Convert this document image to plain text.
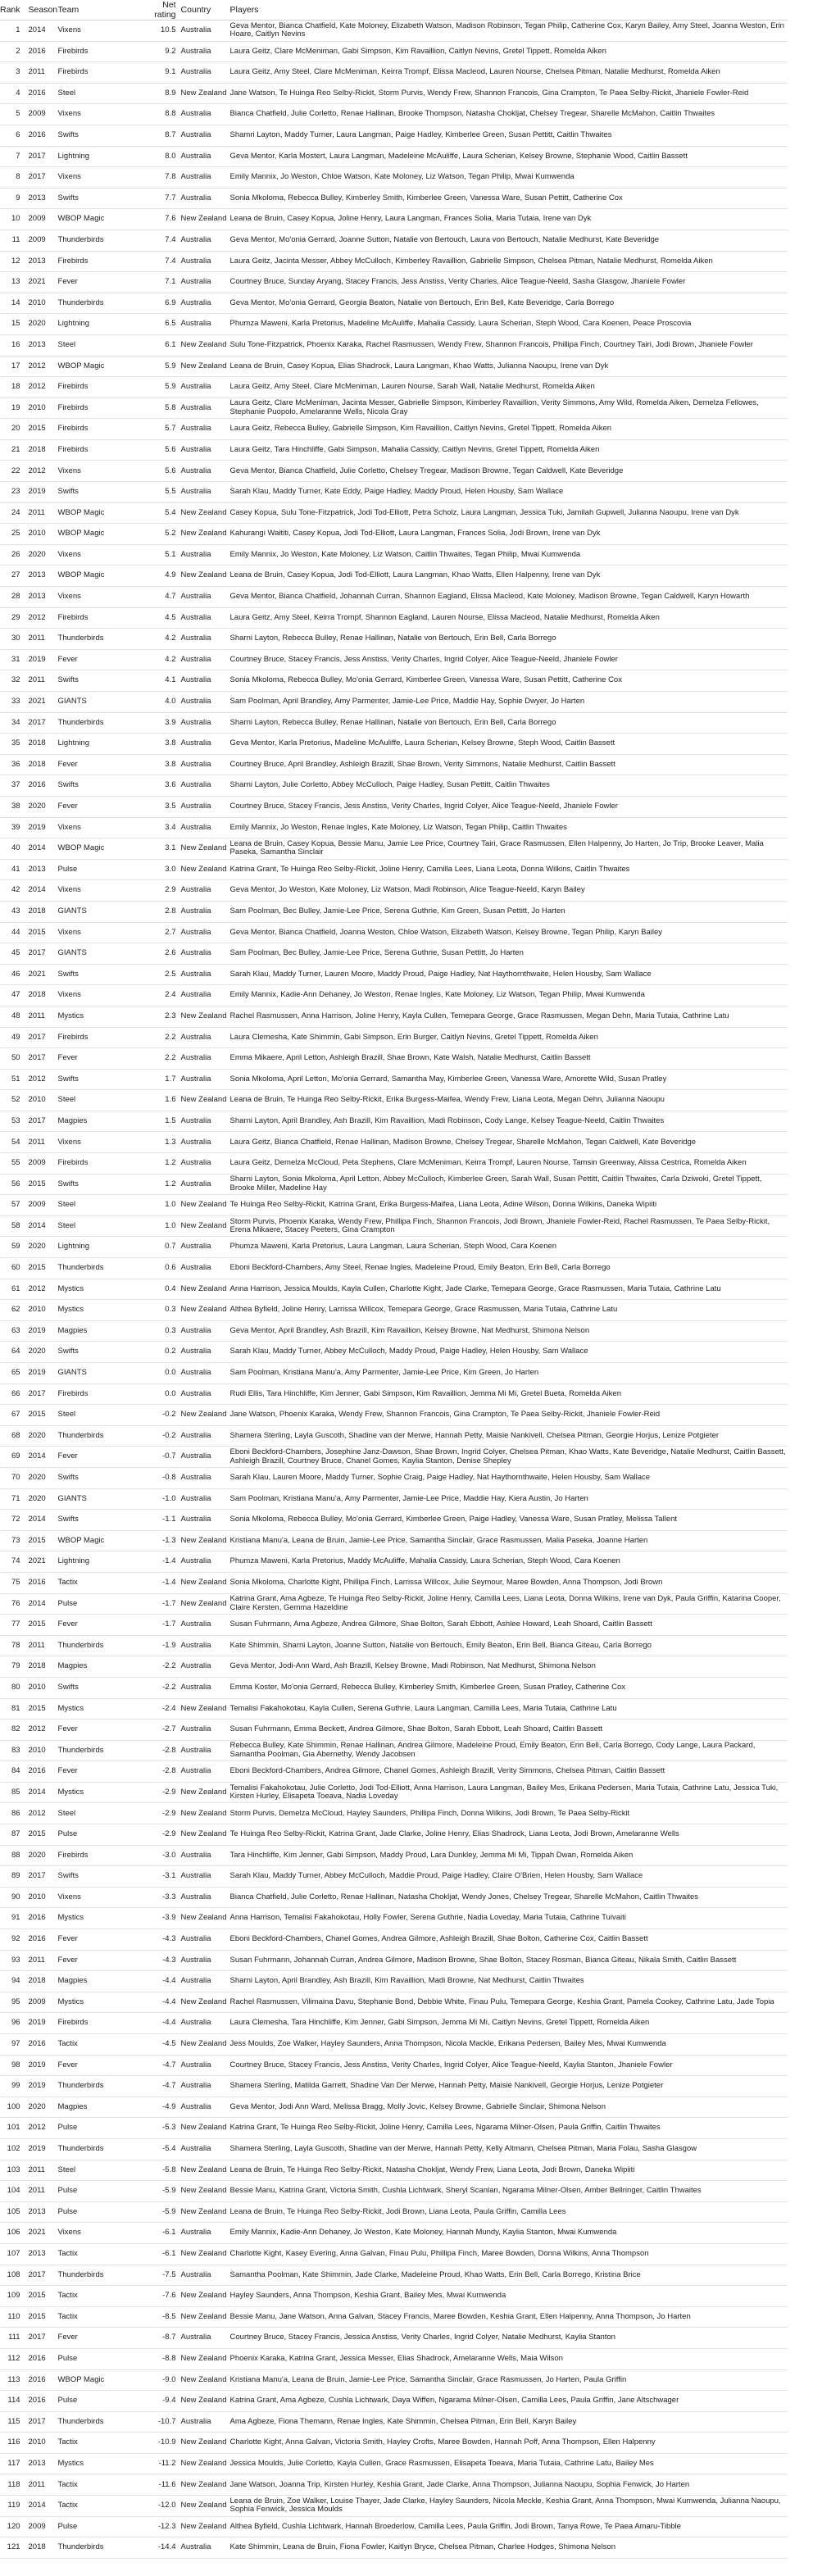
Rank	Season	Team	Net rating	Country	Players
1	2014	Vixens	10.5	Australia	Geva Mentor, Bianca Chatfield, Kate Moloney, Elizabeth Watson, Madison Robinson, Tegan Philip, Catherine Cox, Karyn Bailey, Amy Steel, Joanna Weston, Erin Hoare, Caitlyn Nevins
2	2016	Firebirds	9.2	Australia	Laura Geitz, Clare McMeniman, Gabi Simpson, Kim Ravaillion, Caitlyn Nevins, Gretel Tippett, Romelda Aiken
3	2011	Firebirds	9.1	Australia	Laura Geitz, Amy Steel, Clare McMeniman, Keirra Trompf, Elissa Macleod, Lauren Nourse, Chelsea Pitman, Natalie Medhurst, Romelda Aiken
4	2016	Steel	8.9	New Zealand	Jane Watson, Te Huinga Reo Selby-Rickit, Storm Purvis, Wendy Frew, Shannon Francois, Gina Crampton, Te Paea Selby-Rickit, Jhaniele Fowler-Reid
5	2009	Vixens	8.8	Australia	Bianca Chatfield, Julie Corletto, Renae Hallinan, Brooke Thompson, Natasha Chokljat, Chelsey Tregear, Sharelle McMahon, Caitlin Thwaites
6	2016	Swifts	8.7	Australia	Shamri Layton, Maddy Turner, Laura Langman, Paige Hadley, Kimberlee Green, Susan Pettitt, Caitlin Thwaites
7	2017	Lightning	8.0	Australia	Geva Mentor, Karla Mostert, Laura Langman, Madeleine McAuliffe, Laura Scherian, Kelsey Browne, Stephanie Wood, Caitlin Bassett
8	2017	Vixens	7.8	Australia	Emily Mannix, Jo Weston, Chloe Watson, Kate Moloney, Liz Watson, Tegan Philip, Mwai Kumwenda
9	2013	Swifts	7.7	Australia	Sonia Mkoloma, Rebecca Bulley, Kimberley Smith, Kimberlee Green, Vanessa Ware, Susan Pettitt, Catherine Cox
10	2009	WBOP Magic	7.6	New Zealand	Leana de Bruin, Casey Kopua, Joline Henry, Laura Langman, Frances Solia, Maria Tutaia, Irene van Dyk
11	2009	Thunderbirds	7.4	Australia	Geva Mentor, Mo'onia Gerrard, Joanne Sutton, Natalie von Bertouch, Laura von Bertouch, Natalie Medhurst, Kate Beveridge
12	2013	Firebirds	7.4	Australia	Laura Geitz, Jacinta Messer, Abbey McCulloch, Kimberley Ravaillion, Gabrielle Simpson, Chelsea Pitman, Natalie Medhurst, Romelda Aiken
13	2021	Fever	7.1	Australia	Courtney Bruce, Sunday Aryang, Stacey Francis, Jess Anstiss, Verity Charles, Alice Teague-Neeld, Sasha Glasgow, Jhaniele Fowler
14	2010	Thunderbirds	6.9	Australia	Geva Mentor, Mo'onia Gerrard, Georgia Beaton, Natalie von Bertouch, Erin Bell, Kate Beveridge, Carla Borrego
15	2020	Lightning	6.5	Australia	Phumza Maweni, Karla Pretorius, Madeline McAuliffe, Mahalia Cassidy, Laura Scherian, Steph Wood, Cara Koenen, Peace Proscovia
16	2013	Steel	6.1	New Zealand	Sulu Tone-Fitzpatrick, Phoenix Karaka, Rachel Rasmussen, Wendy Frew, Shannon Francois, Phillipa Finch, Courtney Tairi, Jodi Brown, Jhaniele Fowler
17	2012	WBOP Magic	5.9	New Zealand	Leana de Bruin, Casey Kopua, Elias Shadrock, Laura Langman, Khao Watts, Julianna Naoupu, Irene van Dyk
18	2012	Firebirds	5.9	Australia	Laura Geitz, Amy Steel, Clare McMeniman, Lauren Nourse, Sarah Wall, Natalie Medhurst, Romelda Aiken
19	2010	Firebirds	5.8	Australia	Laura Geitz, Clare McMeniman, Jacinta Messer, Gabrielle Simpson, Kimberley Ravaillion, Verity Simmons, Amy Wild, Romelda Aiken, Demelza Fellowes, Stephanie Puopolo, Amelaranne Wells, Nicola Gray
20	2015	Firebirds	5.7	Australia	Laura Geitz, Rebecca Bulley, Gabrielle Simpson, Kim Ravaillion, Caitlyn Nevins, Gretel Tippett, Romelda Aiken
21	2018	Firebirds	5.6	Australia	Laura Geitz, Tara Hinchliffe, Gabi Simpson, Mahalia Cassidy, Caitlyn Nevins, Gretel Tippett, Romelda Aiken
22	2012	Vixens	5.6	Australia	Geva Mentor, Bianca Chatfield, Julie Corletto, Chelsey Tregear, Madison Browne, Tegan Caldwell, Kate Beveridge
23	2019	Swifts	5.5	Australia	Sarah Klau, Maddy Turner, Kate Eddy, Paige Hadley, Maddy Proud, Helen Housby, Sam Wallace
24	2011	WBOP Magic	5.4	New Zealand	Casey Kopua, Sulu Tone-Fitzpatrick, Jodi Tod-Elliott, Petra Scholz, Laura Langman, Jessica Tuki, Jamilah Gupwell, Julianna Naoupu, Irene van Dyk
25	2010	WBOP Magic	5.2	New Zealand	Kahurangi Waititi, Casey Kopua, Jodi Tod-Elliott, Laura Langman, Frances Solia, Jodi Brown, Irene van Dyk
26	2020	Vixens	5.1	Australia	Emily Mannix, Jo Weston, Kate Moloney, Liz Watson, Caitlin Thwaites, Tegan Philip, Mwai Kumwenda
27	2013	WBOP Magic	4.9	New Zealand	Leana de Bruin, Casey Kopua, Jodi Tod-Elliott, Laura Langman, Khao Watts, Ellen Halpenny, Irene van Dyk
28	2013	Vixens	4.7	Australia	Geva Mentor, Bianca Chatfield, Johannah Curran, Shannon Eagland, Elissa Macleod, Kate Moloney, Madison Browne, Tegan Caldwell, Karyn Howarth
29	2012	Firebirds	4.5	Australia	Laura Geitz, Amy Steel, Keirra Trompf, Shannon Eagland, Lauren Nourse, Elissa Macleod, Natalie Medhurst, Romelda Aiken
30	2011	Thunderbirds	4.2	Australia	Sharni Layton, Rebecca Bulley, Renae Hallinan, Natalie von Bertouch, Erin Bell, Carla Borrego
31	2019	Fever	4.2	Australia	Courtney Bruce, Stacey Francis, Jess Anstiss, Verity Charles, Ingrid Colyer, Alice Teague-Neeld, Jhaniele Fowler
32	2011	Swifts	4.1	Australia	Sonia Mkoloma, Rebecca Bulley, Mo'onia Gerrard, Kimberlee Green, Vanessa Ware, Susan Pettitt, Catherine Cox
33	2021	GIANTS	4.0	Australia	Sam Poolman, April Brandley, Amy Parmenter, Jamie-Lee Price, Maddie Hay, Sophie Dwyer, Jo Harten
34	2017	Thunderbirds	3.9	Australia	Sharni Layton, Rebecca Bulley, Renae Hallinan, Natalie von Bertouch, Erin Bell, Carla Borrego
35	2018	Lightning	3.8	Australia	Geva Mentor, Karla Pretorius, Madeline McAuliffe, Laura Scherian, Kelsey Browne, Steph Wood, Caitlin Bassett
36	2018	Fever	3.8	Australia	Courtney Bruce, April Brandley, Ashleigh Brazill, Shae Brown, Verity Simmons, Natalie Medhurst, Caitlin Bassett
37	2016	Swifts	3.6	Australia	Sharni Layton, Julie Corletto, Abbey McCulloch, Paige Hadley, Susan Pettitt, Caitlin Thwaites
38	2020	Fever	3.5	Australia	Courtney Bruce, Stacey Francis, Jess Anstiss, Verity Charles, Ingrid Colyer, Alice Teague-Neeld, Jhaniele Fowler
39	2019	Vixens	3.4	Australia	Emily Mannix, Jo Weston, Renae Ingles, Kate Moloney, Liz Watson, Tegan Philip, Caitlin Thwaites
40	2014	WBOP Magic	3.1	New Zealand	Leana de Bruin, Casey Kopua, Bessie Manu, Jamie Lee Price, Courtney Tairi, Grace Rasmussen, Ellen Halpenny, Jo Harten, Jo Trip, Brooke Leaver, Malia Paseka, Samantha Sinclair
41	2013	Pulse	3.0	New Zealand	Katrina Grant, Te Huinga Reo Selby-Rickit, Joline Henry, Camilla Lees, Liana Leota, Donna Wilkins, Caitlin Thwaites
42	2014	Vixens	2.9	Australia	Geva Mentor, Jo Weston, Kate Moloney, Liz Watson, Madi Robinson, Alice Teague-Neeld, Karyn Bailey
43	2018	GIANTS	2.8	Australia	Sam Poolman, Bec Bulley, Jamie-Lee Price, Serena Guthrie, Kim Green, Susan Pettitt, Jo Harten
44	2015	Vixens	2.7	Australia	Geva Mentor, Bianca Chatfield, Joanna Weston, Chloe Watson, Elizabeth Watson, Kelsey Browne, Tegan Philip, Karyn Bailey
45	2017	GIANTS	2.6	Australia	Sam Poolman, Bec Bulley, Jamie-Lee Price, Serena Guthrie, Susan Pettitt, Jo Harten
46	2021	Swifts	2.5	Australia	Sarah Klau, Maddy Turner, Lauren Moore, Maddy Proud, Paige Hadley, Nat Haythornthwaite, Helen Housby, Sam Wallace
47	2018	Vixens	2.4	Australia	Emily Mannix, Kadie-Ann Dehaney, Jo Weston, Renae Ingles, Kate Moloney, Liz Watson, Tegan Philip, Mwai Kumwenda
48	2011	Mystics	2.3	New Zealand	Rachel Rasmussen, Anna Harrison, Joline Henry, Kayla Cullen, Temepara George, Grace Rasmussen, Megan Dehn, Maria Tutaia, Cathrine Latu
49	2017	Firebirds	2.2	Australia	Laura Clemesha, Kate Shimmin, Gabi Simpson, Erin Burger, Caitlyn Nevins, Gretel Tippett, Romelda Aiken
50	2017	Fever	2.2	Australia	Emma Mikaere, April Letton, Ashleigh Brazill, Shae Brown, Kate Walsh, Natalie Medhurst, Caitlin Bassett
51	2012	Swifts	1.7	Australia	Sonia Mkoloma, April Letton, Mo'onia Gerrard, Samantha May, Kimberlee Green, Vanessa Ware, Amorette Wild, Susan Pratley
52	2010	Steel	1.6	New Zealand	Leana de Bruin, Te Huinga Reo Selby-Rickit, Erika Burgess-Maifea, Wendy Frew, Liana Leota, Megan Dehn, Julianna Naoupu
53	2017	Magpies	1.5	Australia	Sharni Layton, April Brandley, Ash Brazill, Kim Ravaillion, Madi Robinson, Cody Lange, Kelsey Teague-Neeld, Caitlin Thwaites
54	2011	Vixens	1.3	Australia	Laura Geitz, Bianca Chatfield, Renae Hallinan, Madison Browne, Chelsey Tregear, Sharelle McMahon, Tegan Caldwell, Kate Beveridge
55	2009	Firebirds	1.2	Australia	Laura Geitz, Demelza McCloud, Peta Stephens, Clare McMeniman, Keirra Trompf, Lauren Nourse, Tamsin Greenway, Alissa Cestrica, Romelda Aiken
56	2015	Swifts	1.2	Australia	Sharni Layton, Sonia Mkoloma, April Letton, Abbey McCulloch, Kimberlee Green, Sarah Wall, Susan Pettitt, Caitlin Thwaites, Carla Dziwoki, Gretel Tippett, Brooke Miller, Madeline Hay
57	2009	Steel	1.0	New Zealand	Te Huinga Reo Selby-Rickit, Katrina Grant, Erika Burgess-Maifea, Liana Leota, Adine Wilson, Donna Wilkins, Daneka Wipiiti
58	2014	Steel	1.0	New Zealand	Storm Purvis, Phoenix Karaka, Wendy Frew, Phillipa Finch, Shannon Francois, Jodi Brown, Jhaniele Fowler-Reid, Rachel Rasmussen, Te Paea Selby-Rickit, Erena Mikaere, Stacey Peeters, Gina Crampton
59	2020	Lightning	0.7	Australia	Phumza Maweni, Karla Pretorius, Laura Langman, Laura Scherian, Steph Wood, Cara Koenen
60	2015	Thunderbirds	0.6	Australia	Eboni Beckford-Chambers, Amy Steel, Renae Ingles, Madeleine Proud, Emily Beaton, Erin Bell, Carla Borrego
61	2012	Mystics	0.4	New Zealand	Anna Harrison, Jessica Moulds, Kayla Cullen, Charlotte Kight, Jade Clarke, Temepara George, Grace Rasmussen, Maria Tutaia, Cathrine Latu
62	2010	Mystics	0.3	New Zealand	Althea Byfield, Joline Henry, Larrissa Willcox, Temepara George, Grace Rasmussen, Maria Tutaia, Cathrine Latu
63	2019	Magpies	0.3	Australia	Geva Mentor, April Brandley, Ash Brazill, Kim Ravaillion, Kelsey Browne, Nat Medhurst, Shimona Nelson
64	2020	Swifts	0.2	Australia	Sarah Klau, Maddy Turner, Abbey McCulloch, Maddy Proud, Paige Hadley, Helen Housby, Sam Wallace
65	2019	GIANTS	0.0	Australia	Sam Poolman, Kristiana Manu'a, Amy Parmenter, Jamie-Lee Price, Kim Green, Jo Harten
66	2017	Firebirds	0.0	Australia	Rudi Ellis, Tara Hinchliffe, Kim Jenner, Gabi Simpson, Kim Ravaillion, Jemma Mi Mi, Gretel Bueta, Romelda Aiken
67	2015	Steel	-0.2	New Zealand	Jane Watson, Phoenix Karaka, Wendy Frew, Shannon Francois, Gina Crampton, Te Paea Selby-Rickit, Jhaniele Fowler-Reid
68	2020	Thunderbirds	-0.2	Australia	Shamera Sterling, Layla Guscoth, Shadine van der Merwe, Hannah Petty, Maisie Nankivell, Chelsea Pitman, Georgie Horjus, Lenize Potgieter
69	2014	Fever	-0.7	Australia	Eboni Beckford-Chambers, Josephine Janz-Dawson, Shae Brown, Ingrid Colyer, Chelsea Pitman, Khao Watts, Kate Beveridge, Natalie Medhurst, Caitlin Bassett, Ashleigh Brazill, Courtney Bruce, Chanel Gomes, Kaylia Stanton, Denise Shepley
70	2020	Swifts	-0.8	Australia	Sarah Klau, Lauren Moore, Maddy Turner, Sophie Craig, Paige Hadley, Nat Haythornthwaite, Helen Housby, Sam Wallace
71	2020	GIANTS	-1.0	Australia	Sam Poolman, Kristiana Manu'a, Amy Parmenter, Jamie-Lee Price, Maddie Hay, Kiera Austin, Jo Harten
72	2014	Swifts	-1.1	Australia	Sonia Mkoloma, Rebecca Bulley, Mo'onia Gerrard, Kimberlee Green, Paige Hadley, Vanessa Ware, Susan Pratley, Melissa Tallent
73	2015	WBOP Magic	-1.3	New Zealand	Kristiana Manu'a, Leana de Bruin, Jamie-Lee Price, Samantha Sinclair, Grace Rasmussen, Malia Paseka, Joanne Harten
74	2021	Lightning	-1.4	Australia	Phumza Maweni, Karla Pretorius, Maddy McAuliffe, Mahalia Cassidy, Laura Scherian, Steph Wood, Cara Koenen
75	2016	Tactix	-1.4	New Zealand	Sonia Mkoloma, Charlotte Kight, Phillipa Finch, Larrissa Willcox, Julie Seymour, Maree Bowden, Anna Thompson, Jodi Brown
76	2014	Pulse	-1.7	New Zealand	Katrina Grant, Ama Agbeze, Te Huinga Reo Selby-Rickit, Joline Henry, Camilla Lees, Liana Leota, Donna Wilkins, Irene van Dyk, Paula Griffin, Katarina Cooper, Claire Kersten, Gemma Hazeldine
77	2015	Fever	-1.7	Australia	Susan Fuhrmann, Ama Agbeze, Andrea Gilmore, Shae Bolton, Sarah Ebbott, Ashlee Howard, Leah Shoard, Caitlin Bassett
78	2011	Thunderbirds	-1.9	Australia	Kate Shimmin, Sharni Layton, Joanne Sutton, Natalie von Bertouch, Emily Beaton, Erin Bell, Bianca Giteau, Carla Borrego
79	2018	Magpies	-2.2	Australia	Geva Mentor, Jodi-Ann Ward, Ash Brazill, Kelsey Browne, Madi Robinson, Nat Medhurst, Shimona Nelson
80	2010	Swifts	-2.2	Australia	Emma Koster, Mo'onia Gerrard, Rebecca Bulley, Kimberley Smith, Kimberlee Green, Susan Pratley, Catherine Cox
81	2015	Mystics	-2.4	New Zealand	Temalisi Fakahokotau, Kayla Cullen, Serena Guthrie, Laura Langman, Camilla Lees, Maria Tutaia, Cathrine Latu
82	2012	Fever	-2.7	Australia	Susan Fuhrmann, Emma Beckett, Andrea Gilmore, Shae Bolton, Sarah Ebbott, Leah Shoard, Caitlin Bassett
83	2010	Thunderbirds	-2.8	Australia	Rebecca Bulley, Kate Shimmin, Renae Hallinan, Andrea Gilmore, Madeleine Proud, Emily Beaton, Erin Bell, Carla Borrego, Cody Lange, Laura Packard, Samantha Poolman, Gia Abernethy, Wendy Jacobsen
84	2016	Fever	-2.8	Australia	Eboni Beckford-Chambers, Andrea Gilmore, Chanel Gomes, Ashleigh Brazill, Verity Simmons, Chelsea Pitman, Caitlin Bassett
85	2014	Mystics	-2.9	New Zealand	Temalisi Fakahokotau, Julie Corletto, Jodi Tod-Elliott, Anna Harrison, Laura Langman, Bailey Mes, Erikana Pedersen, Maria Tutaia, Cathrine Latu, Jessica Tuki, Kirsten Hurley, Elisapeta Toeava, Nadia Loveday
86	2012	Steel	-2.9	New Zealand	Storm Purvis, Demelza McCloud, Hayley Saunders, Phillipa Finch, Donna Wilkins, Jodi Brown, Te Paea Selby-Rickit
87	2015	Pulse	-2.9	New Zealand	Te Huinga Reo Selby-Rickit, Katrina Grant, Jade Clarke, Joline Henry, Elias Shadrock, Liana Leota, Jodi Brown, Amelaranne Wells
88	2020	Firebirds	-3.0	Australia	Tara Hinchliffe, Kim Jenner, Gabi Simpson, Maddy Proud, Lara Dunkley, Jemma Mi Mi, Tippah Dwan, Romelda Aiken
89	2017	Swifts	-3.1	Australia	Sarah Klau, Maddy Turner, Abbey McCulloch, Maddie Proud, Paige Hadley, Claire O'Brien, Helen Housby, Sam Wallace
90	2010	Vixens	-3.3	Australia	Bianca Chatfield, Julie Corletto, Renae Hallinan, Natasha Chokljat, Wendy Jones, Chelsey Tregear, Sharelle McMahon, Caitlin Thwaites
91	2016	Mystics	-3.9	New Zealand	Anna Harrison, Temalisi Fakahokotau, Holly Fowler, Serena Guthrie, Nadia Loveday, Maria Tutaia, Cathrine Tuivaiti
92	2016	Fever	-4.3	Australia	Eboni Beckford-Chambers, Chanel Gomes, Andrea Gilmore, Ashleigh Brazill, Shae Bolton, Catherine Cox, Caitlin Bassett
93	2011	Fever	-4.3	Australia	Susan Fuhrmann, Johannah Curran, Andrea Gilmore, Madison Browne, Shae Bolton, Stacey Rosman, Bianca Giteau, Nikala Smith, Caitlin Bassett
94	2018	Magpies	-4.4	Australia	Sharni Layton, April Brandley, Ash Brazill, Kim Ravaillion, Madi Browne, Nat Medhurst, Caitlin Thwaites
95	2009	Mystics	-4.4	New Zealand	Rachel Rasmussen, Vilimaina Davu, Stephanie Bond, Debbie White, Finau Pulu, Temepara George, Keshia Grant, Pamela Cookey, Cathrine Latu, Jade Topia
96	2019	Firebirds	-4.4	Australia	Laura Clemesha, Tara Hinchliffe, Kim Jenner, Gabi Simpson, Jemma Mi Mi, Caitlyn Nevins, Gretel Tippett, Romelda Aiken
97	2016	Tactix	-4.5	New Zealand	Jess Moulds, Zoe Walker, Hayley Saunders, Anna Thompson, Nicola Mackle, Erikana Pedersen, Bailey Mes, Mwai Kumwenda
98	2019	Fever	-4.7	Australia	Courtney Bruce, Stacey Francis, Jess Anstiss, Verity Charles, Ingrid Colyer, Alice Teague-Neeld, Kaylia Stanton, Jhaniele Fowler
99	2019	Thunderbirds	-4.7	Australia	Shamera Sterling, Matilda Garrett, Shadine Van Der Merwe, Hannah Petty, Maisie Nankivell, Georgie Horjus, Lenize Potgieter
100	2020	Magpies	-4.9	Australia	Geva Mentor, Jodi Ann Ward, Melissa Bragg, Molly Jovic, Kelsey Browne, Gabrielle Sinclair, Shimona Nelson
101	2012	Pulse	-5.3	New Zealand	Katrina Grant, Te Huinga Reo Selby-Rickit, Joline Henry, Camilla Lees, Ngarama Milner-Olsen, Paula Griffin, Caitlin Thwaites
102	2019	Thunderbirds	-5.4	Australia	Shamera Sterling, Layla Guscoth, Shadine van der Merwe, Hannah Petty, Kelly Altmann, Chelsea Pitman, Maria Folau, Sasha Glasgow
103	2011	Steel	-5.8	New Zealand	Leana de Bruin, Te Huinga Reo Selby-Rickit, Natasha Chokljat, Wendy Frew, Liana Leota, Jodi Brown, Daneka Wipiiti
104	2011	Pulse	-5.9	New Zealand	Bessie Manu, Katrina Grant, Victoria Smith, Cushla Lichtwark, Sheryl Scanlan, Ngarama Milner-Olsen, Amber Bellringer, Caitlin Thwaites
105	2013	Pulse	-5.9	New Zealand	Leana de Bruin, Te Huinga Reo Selby-Rickit, Jodi Brown, Liana Leota, Paula Griffin, Camilla Lees
106	2021	Vixens	-6.1	Australia	Emily Mannix, Kadie-Ann Dehaney, Jo Weston, Kate Moloney, Hannah Mundy, Kaylia Stanton, Mwai Kumwenda
107	2013	Tactix	-6.1	New Zealand	Charlotte Kight, Kasey Evering, Anna Galvan, Finau Pulu, Phillipa Finch, Maree Bowden, Donna Wilkins, Anna Thompson
108	2017	Thunderbirds	-7.5	Australia	Samantha Poolman, Kate Shimmin, Jade Clarke, Madeleine Proud, Khao Watts, Erin Bell, Carla Borrego, Kristina Brice
109	2015	Tactix	-7.6	New Zealand	Hayley Saunders, Anna Thompson, Keshia Grant, Bailey Mes, Mwai Kumwenda
110	2015	Tactix	-8.5	New Zealand	Bessie Manu, Jane Watson, Anna Galvan, Stacey Francis, Maree Bowden, Keshia Grant, Ellen Halpenny, Anna Thompson, Jo Harten
111	2017	Fever	-8.7	Australia	Courtney Bruce, Stacey Francis, Jessica Anstiss, Verity Charles, Ingrid Colyer, Natalie Medhurst, Kaylia Stanton
112	2016	Pulse	-8.8	New Zealand	Phoenix Karaka, Katrina Grant, Jessica Messer, Elias Shadrock, Amelaranne Wells, Maia Wilson
113	2016	WBOP Magic	-9.0	New Zealand	Kristiana Manu'a, Leana de Bruin, Jamie-Lee Price, Samantha Sinclair, Grace Rasmussen, Jo Harten, Paula Griffin
114	2016	Pulse	-9.4	New Zealand	Katrina Grant, Ama Agbeze, Cushla Lichtwark, Daya Wiffen, Ngarama Milner-Olsen, Camilla Lees, Paula Griffin, Jane Altschwager
115	2017	Thunderbirds	-10.7	Australia	Ama Agbeze, Fiona Themann, Renae Ingles, Kate Shimmin, Chelsea Pitman, Erin Bell, Karyn Bailey
116	2010	Tactix	-10.9	New Zealand	Charlotte Kight, Anna Galvan, Victoria Smith, Hayley Crofts, Maree Bowden, Hannah Poff, Anna Thompson, Ellen Halpenny
117	2013	Mystics	-11.2	New Zealand	Jessica Moulds, Julie Corletto, Kayla Cullen, Grace Rasmussen, Elisapeta Toeava, Maria Tutaia, Cathrine Latu, Bailey Mes
118	2011	Tactix	-11.6	New Zealand	Jane Watson, Joanna Trip, Kirsten Hurley, Keshia Grant, Jade Clarke, Anna Thompson, Julianna Naoupu, Sophia Fenwick, Jo Harten
119	2014	Tactix	-12.0	New Zealand	Leana de Bruin, Zoe Walker, Louise Thayer, Jade Clarke, Hayley Saunders, Nicola Meckle, Keshia Grant, Anna Thompson, Mwai Kumwenda, Julianna Naoupu, Sophia Fenwick, Jessica Moulds
120	2009	Pulse	-12.3	New Zealand	Althea Byfield, Cushla Lichtwark, Hannah Broederlow, Camilla Lees, Paula Griffin, Jodi Brown, Tanya Rowe, Te Paea Amaru-Tibble
121	2018	Thunderbirds	-14.4	Australia	Kate Shimmin, Leana de Bruin, Fiona Fowler, Kaitlyn Bryce, Chelsea Pitman, Charlee Hodges, Shimona Nelson
